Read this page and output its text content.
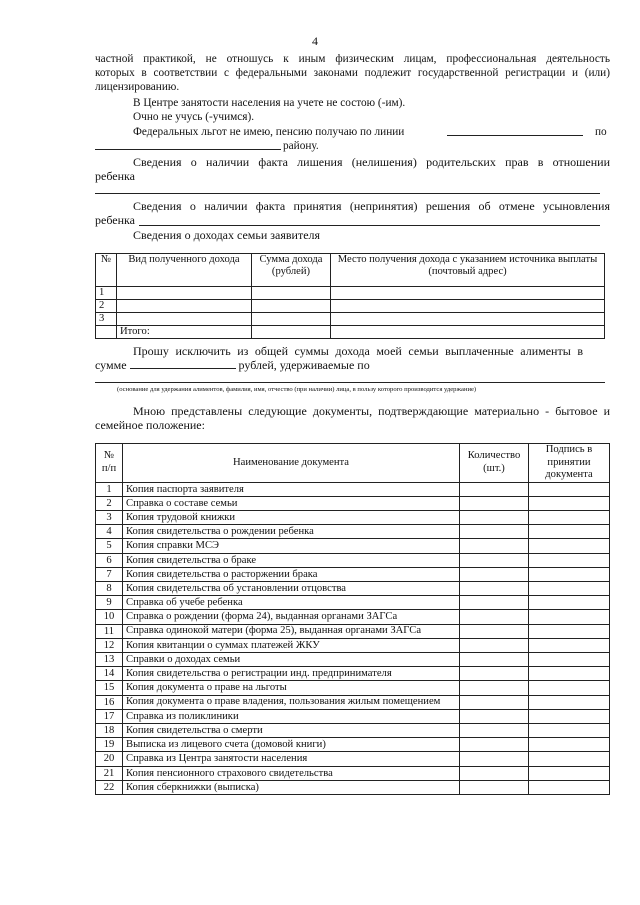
4
частной практикой, не отношусь к иным физическим лицам, профессиональная деятельность
которых в соответствии с федеральными законами подлежит государственной регистрации и (или)
лицензированию.
В Центре занятости населения на учете не состою (-им).
Очно не учусь (-учимся).
Федеральных льгот не имею, пенсию получаю по линии	по
району.
Сведения о наличии факта лишения (нелишения) родительских прав в отношении
ребенка
Сведения о наличии факта принятия (непринятия) решения об отмене усыновления
ребенка
Сведения о доходах семьи заявителя
№	Вид полученного дохода	Сумма дохода (рублей)	Место получения дохода с указанием источника выплаты (почтовый адрес)
1			
2			
3			
	Итого:		
Прошу исключить из общей суммы дохода моей семьи выплаченные алименты в
сумме	рублей, удерживаемые по
(основание для удержания алиментов, фамилия, имя, отчество (при наличии) лица, в пользу которого производится удержание)
Мною представлены следующие документы, подтверждающие материально - бытовое и
семейное положение:
№ п/п	Наименование документа	Количество (шт.)	Подпись в принятии документа
1	Копия паспорта заявителя		
2	Справка о составе семьи		
3	Копия трудовой книжки		
4	Копия свидетельства о рождении ребенка		
5	Копия справки МСЭ		
6	Копия свидетельства о браке		
7	Копия свидетельства о расторжении брака		
8	Копия свидетельства об установлении отцовства		
9	Справка об учебе ребенка		
10	Справка о рождении (форма 24), выданная органами ЗАГСа		
11	Справка одинокой матери (форма 25), выданная органами ЗАГСа		
12	Копия квитанции о суммах платежей ЖКУ		
13	Справки о доходах семьи		
14	Копия свидетельства о регистрации инд. предпринимателя		
15	Копия документа о праве на льготы		
16	Копия документа о праве владения, пользования жилым помещением		
17	Справка из поликлиники		
18	Копия свидетельства о смерти		
19	Выписка из лицевого счета (домовой книги)		
20	Справка из Центра занятости населения		
21	Копия пенсионного страхового свидетельства		
22	Копия сберкнижки (выписка)		
